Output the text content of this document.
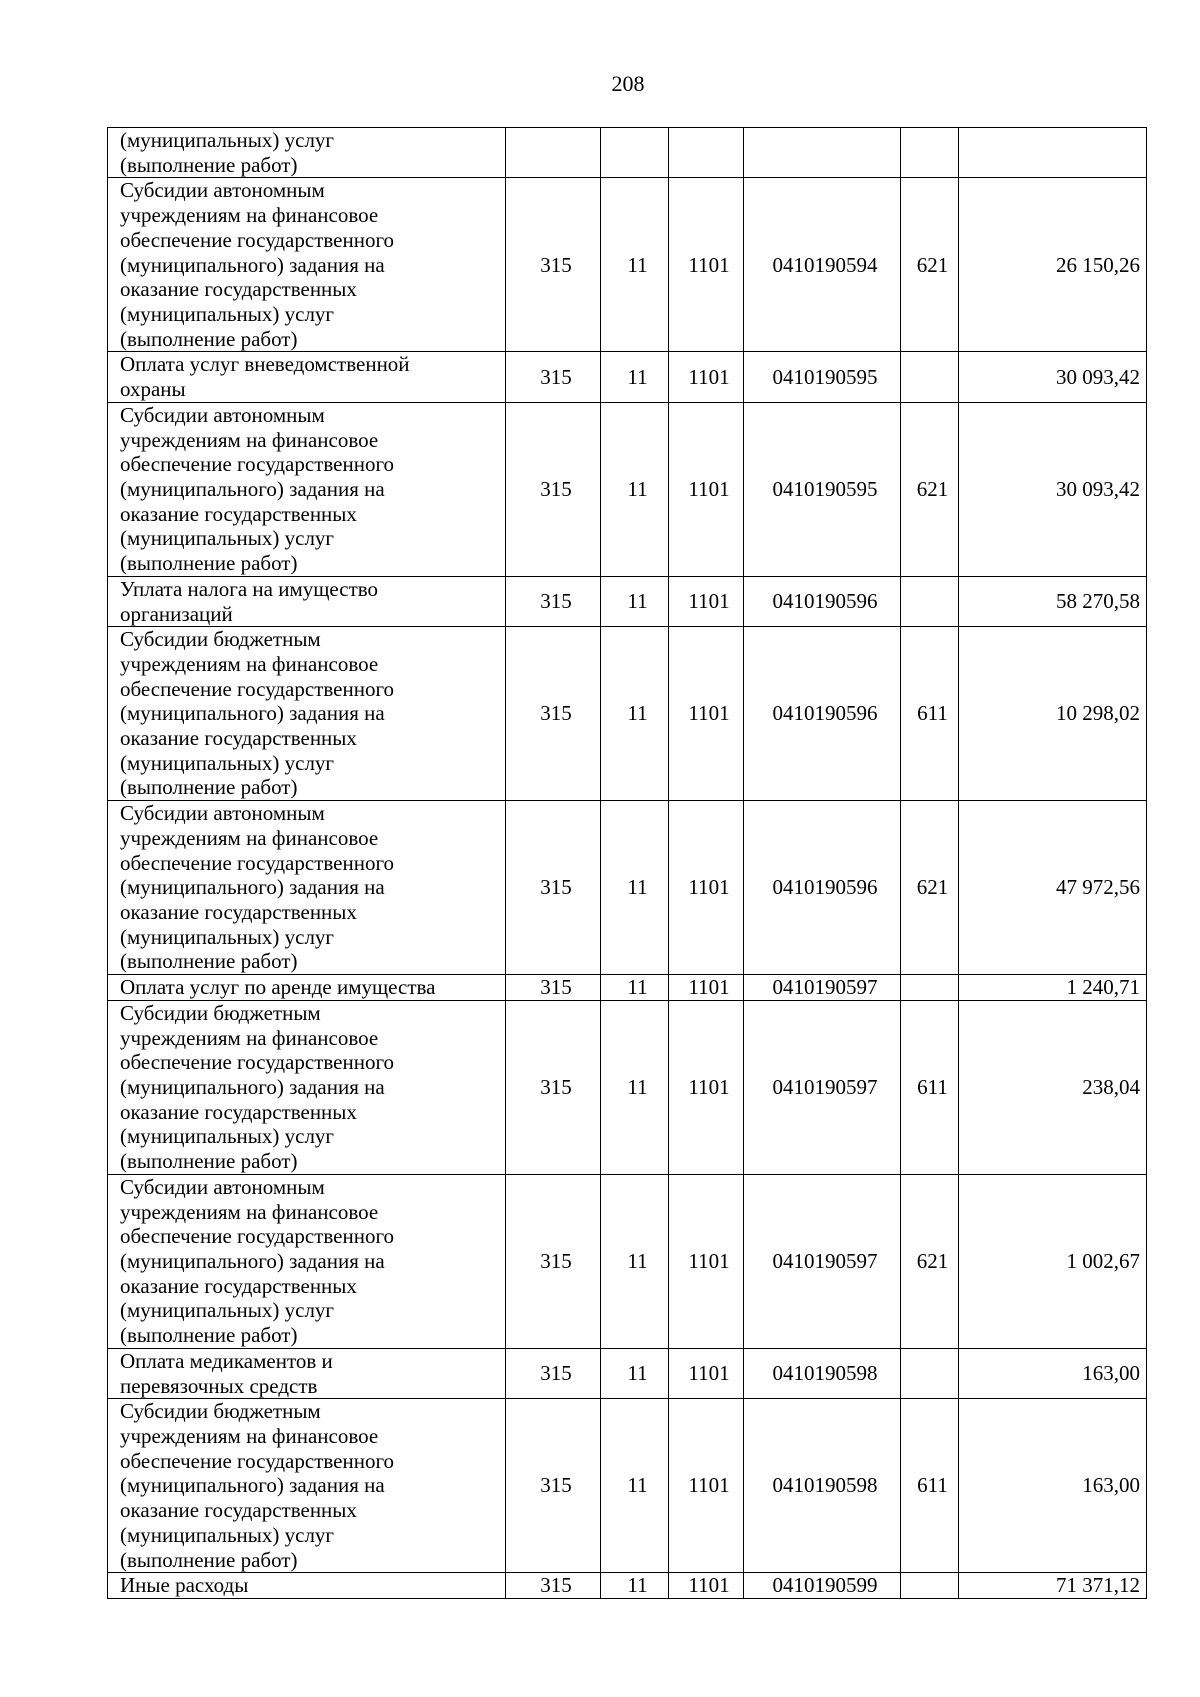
208
(муниципальных) услуг
(выполнение работ)						

Субсидии автономным
учреждениям на финансовое
обеспечение государственного
(муниципального) задания на
оказание государственных
(муниципальных) услуг
(выполнение работ)
	315	11	1101	0410190594	621	26 150,26

Оплата услуг вневедомственной
охраны	315	11	1101	0410190595		30 093,42

Субсидии автономным
учреждениям на финансовое
обеспечение государственного
(муниципального) задания на
оказание государственных
(муниципальных) услуг
(выполнение работ)
	315	11	1101	0410190595	621	30 093,42

Уплата налога на имущество
организаций	315	11	1101	0410190596		58 270,58

Субсидии бюджетным
учреждениям на финансовое
обеспечение государственного
(муниципального) задания на
оказание государственных
(муниципальных) услуг
(выполнение работ)
	315	11	1101	0410190596	611	10 298,02

Субсидии автономным
учреждениям на финансовое
обеспечение государственного
(муниципального) задания на
оказание государственных
(муниципальных) услуг
(выполнение работ)
	315	11	1101	0410190596	621	47 972,56

Оплата услуг по аренде имущества	315	11	1101	0410190597		1 240,71

Субсидии бюджетным
учреждениям на финансовое
обеспечение государственного
(муниципального) задания на
оказание государственных
(муниципальных) услуг
(выполнение работ)
	315	11	1101	0410190597	611	238,04

Субсидии автономным
учреждениям на финансовое
обеспечение государственного
(муниципального) задания на
оказание государственных
(муниципальных) услуг
(выполнение работ)
	315	11	1101	0410190597	621	1 002,67

Оплата медикаментов и
перевязочных средств	315	11	1101	0410190598		163,00

Субсидии бюджетным
учреждениям на финансовое
обеспечение государственного
(муниципального) задания на
оказание государственных
(муниципальных) услуг
(выполнение работ)
	315	11	1101	0410190598	611	163,00

Иные расходы	315	11	1101	0410190599		71 371,12
